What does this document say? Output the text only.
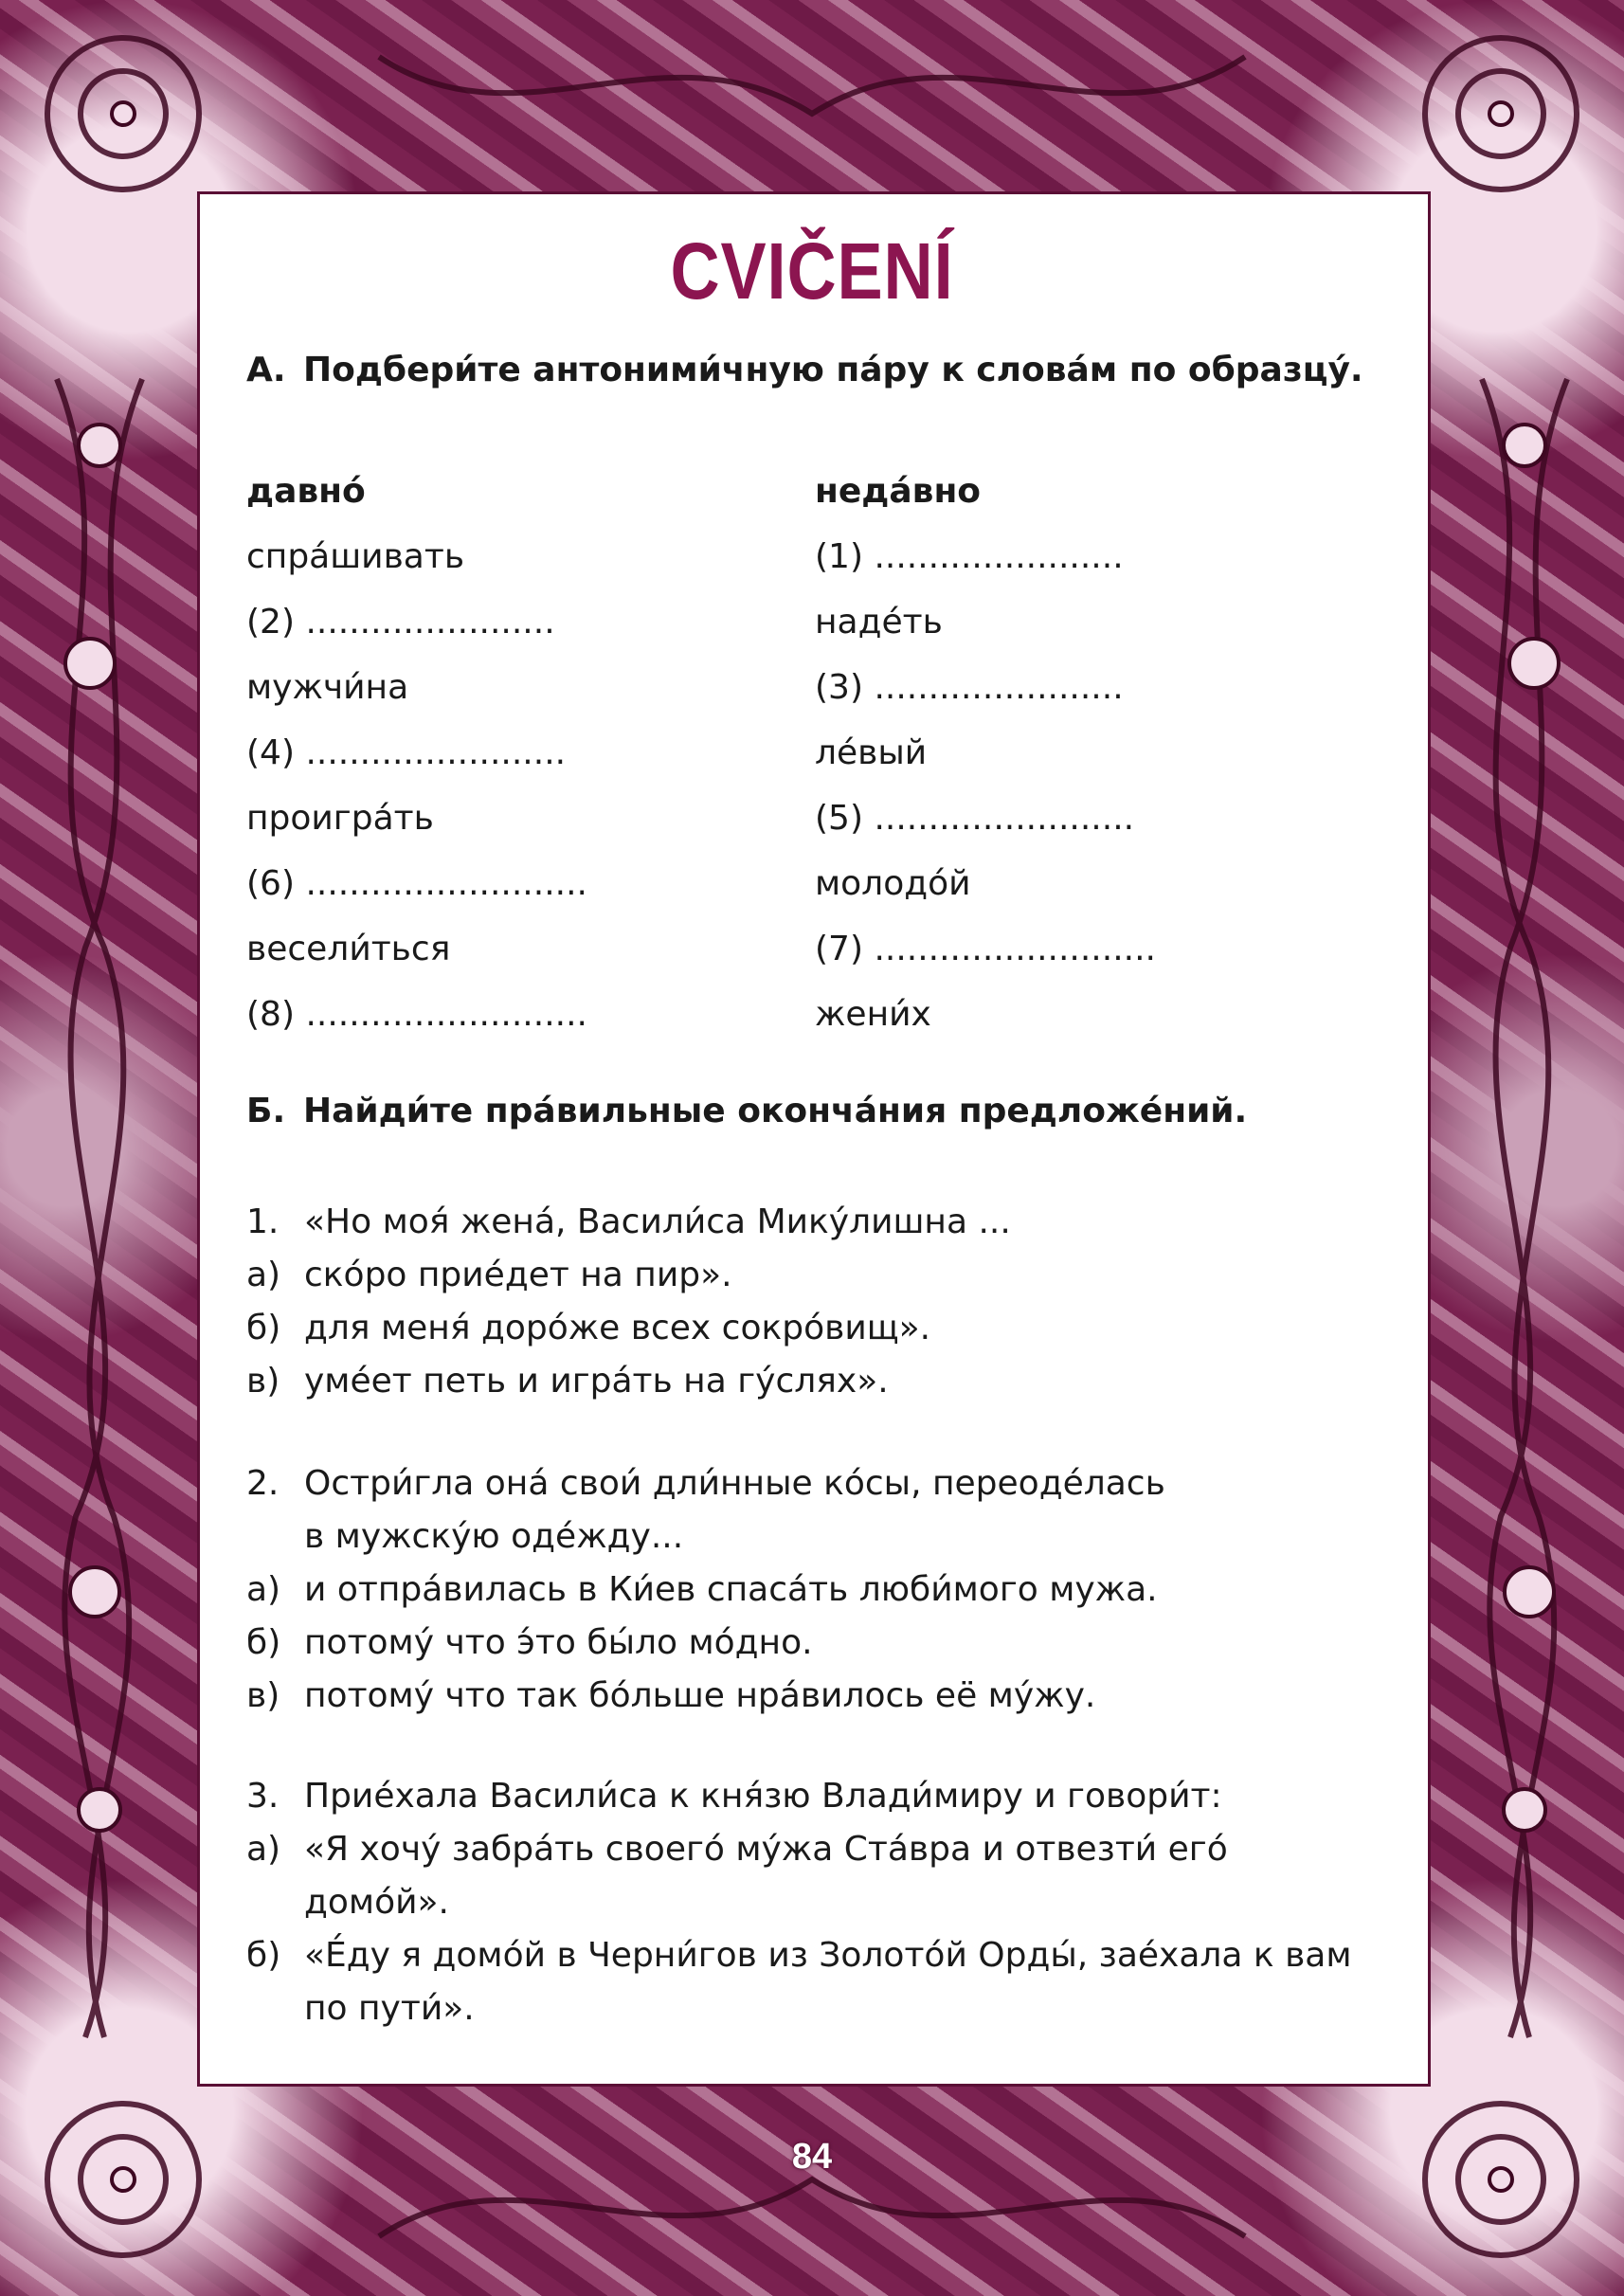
CVIČENÍ
А. Подбери́те антоними́чную па́ру к слова́м по образцу́.
давно́
спра́шивать
(2) .......................
мужчи́на
(4) ........................
проигра́ть
(6) ..........................
весели́ться
(8) ..........................
неда́вно
(1) .......................
наде́ть
(3) .......................
ле́вый
(5) ........................
молодо́й
(7) ..........................
жени́х
Б. Найди́те пра́вильные оконча́ния предложе́ний.
1. «Но моя́ жена́, Васили́са Мику́лишна ...
а) ско́ро прие́дет на пир».
б) для меня́ доро́же всех сокро́вищ».
в) уме́ет петь и игра́ть на гу́слях».
2. Остри́гла она́ свои́ дли́нные ко́сы, переоде́лась
в мужску́ю оде́жду...
а) и отпра́вилась в Ки́ев спаса́ть люби́мого мужа.
б) потому́ что э́то бы́ло мо́дно.
в) потому́ что так бо́льше нра́вилось её му́жу.
3. Прие́хала Васили́са к кня́зю Влади́миру и говори́т:
а) «Я хочу́ забра́ть своего́ му́жа Ста́вра и отвезти́ его́
домо́й».
б) «Е́ду я домо́й в Черни́гов из Золото́й Орды́, зае́хала к вам
по пути́».
84
